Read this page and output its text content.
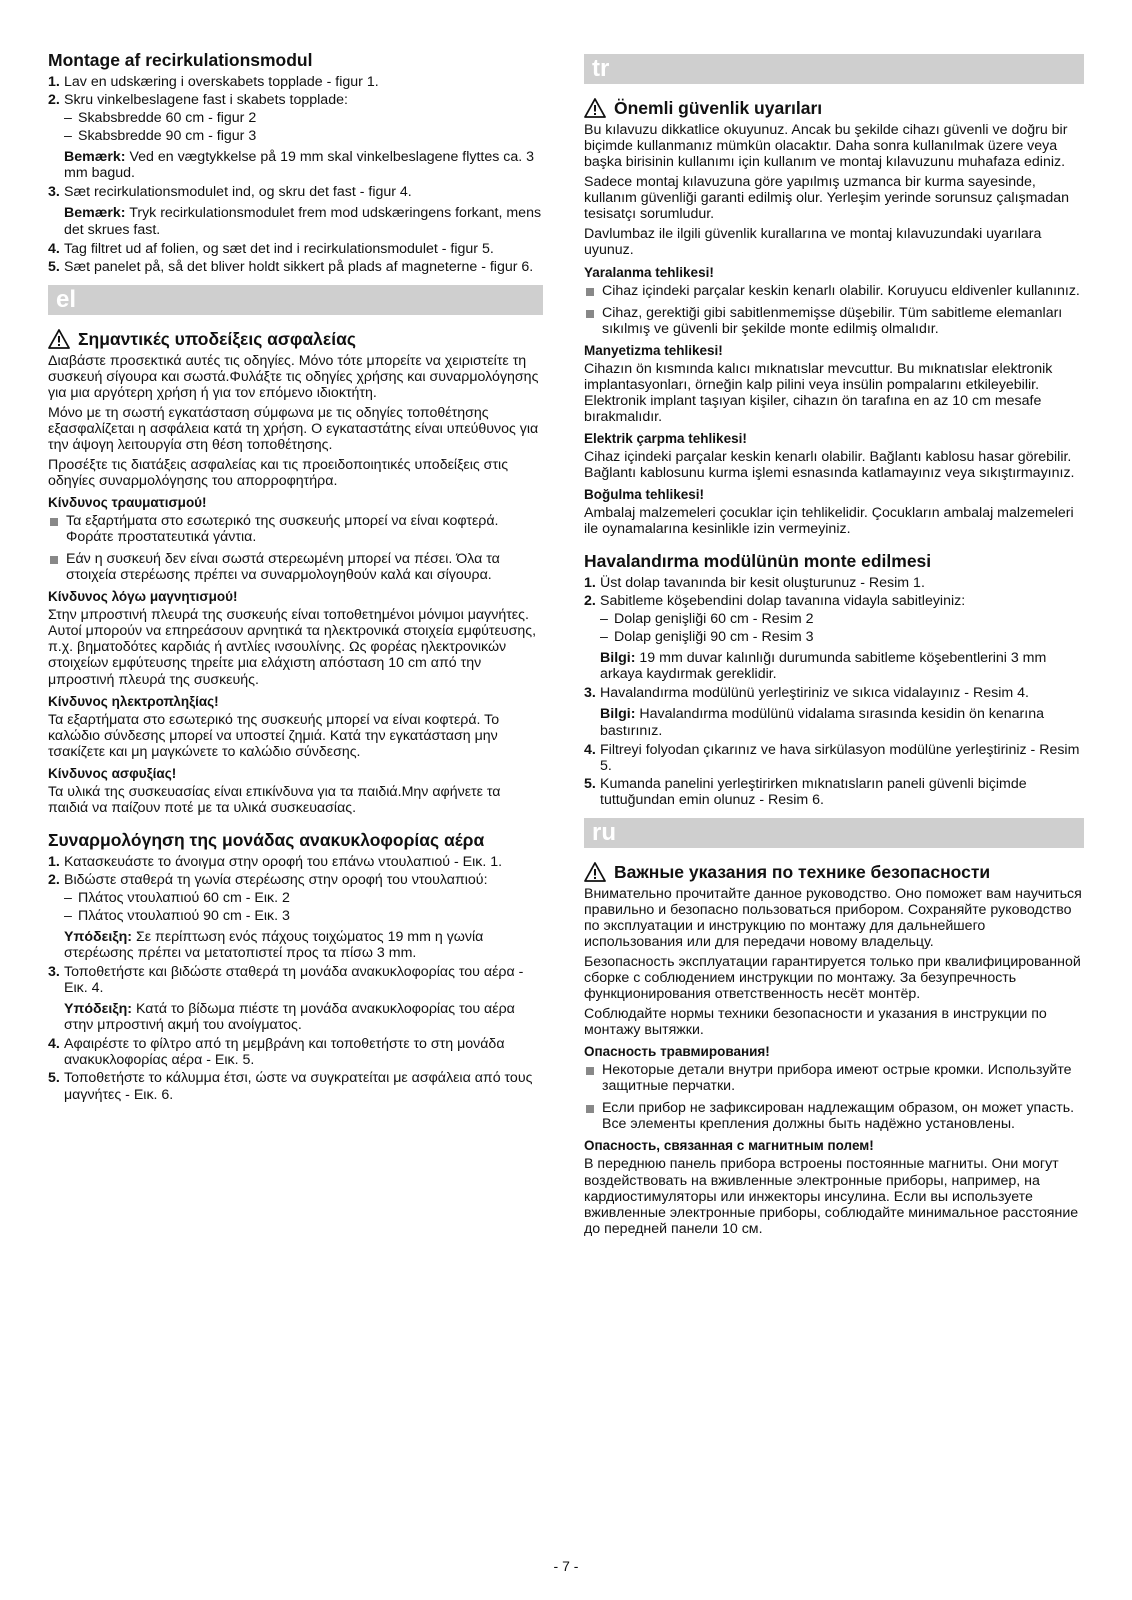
Montage af recirkulationsmodul
1. Lav en udskæring i overskabets topplade - figur 1.
2. Skru vinkelbeslagene fast i skabets topplade:
– Skabsbredde 60 cm - figur 2
– Skabsbredde 90 cm - figur 3
Bemærk: Ved en vægtykkelse på 19 mm skal vinkelbeslagene flyttes ca. 3 mm bagud.
3. Sæt recirkulationsmodulet ind, og skru det fast - figur 4.
Bemærk: Tryk recirkulationsmodulet frem mod udskæringens forkant, mens det skrues fast.
4. Tag filtret ud af folien, og sæt det ind i recirkulationsmodulet - figur 5.
5. Sæt panelet på, så det bliver holdt sikkert på plads af magneterne - figur 6.
el
Σημαντικές υποδείξεις ασφαλείας

Διαβάστε προσεκτικά αυτές τις οδηγίες. Μόνο τότε μπορείτε να χειριστείτε τη συσκευή σίγουρα και σωστά.Φυλάξτε τις οδηγίες χρήσης και συναρμολόγησης για μια αργότερη χρήση ή για τον επόμενο ιδιοκτήτη.

Μόνο με τη σωστή εγκατάσταση σύμφωνα με τις οδηγίες τοποθέτησης εξασφαλίζεται η ασφάλεια κατά τη χρήση. Ο εγκαταστάτης είναι υπεύθυνος για την άψογη λειτουργία στη θέση τοποθέτησης.

Προσέξτε τις διατάξεις ασφαλείας και τις προειδοποιητικές υποδείξεις στις οδηγίες συναρμολόγησης του απορροφητήρα.

Κίνδυνος τραυματισμού!
Τα εξαρτήματα στο εσωτερικό της συσκευής μπορεί να είναι κοφτερά. Φοράτε προστατευτικά γάντια.
Εάν η συσκευή δεν είναι σωστά στερεωμένη μπορεί να πέσει. Όλα τα στοιχεία στερέωσης πρέπει να συναρμολογηθούν καλά και σίγουρα.
Κίνδυνος λόγω μαγνητισμού!

Στην μπροστινή πλευρά της συσκευής είναι τοποθετημένοι μόνιμοι μαγνήτες. Αυτοί μπορούν να επηρεάσουν αρνητικά τα ηλεκτρονικά στοιχεία εμφύτευσης, π.χ. βηματοδότες καρδιάς ή αντλίες ινσουλίνης. Ως φορέας ηλεκτρονικών στοιχείων εμφύτευσης τηρείτε μια ελάχιστη απόσταση 10 cm από την μπροστινή πλευρά της συσκευής.

Κίνδυνος ηλεκτροπληξίας!

Τα εξαρτήματα στο εσωτερικό της συσκευής μπορεί να είναι κοφτερά. Το καλώδιο σύνδεσης μπορεί να υποστεί ζημιά. Κατά την εγκατάσταση μην τσακίζετε και μη μαγκώνετε το καλώδιο σύνδεσης.

Κίνδυνος ασφυξίας!

Τα υλικά της συσκευασίας είναι επικίνδυνα για τα παιδιά.Μην αφήνετε τα παιδιά να παίζουν ποτέ με τα υλικά συσκευασίας.

Συναρμολόγηση της μονάδας ανακυκλοφορίας αέρα
1. Κατασκευάστε το άνοιγμα στην οροφή του επάνω ντουλαπιού - Εικ. 1.
2. Βιδώστε σταθερά τη γωνία στερέωσης στην οροφή του ντουλαπιού:
– Πλάτος ντουλαπιού 60 cm - Εικ. 2
– Πλάτος ντουλαπιού 90 cm - Εικ. 3
Υπόδειξη: Σε περίπτωση ενός πάχους τοιχώματος 19 mm η γωνία στερέωσης πρέπει να μετατοπιστεί προς τα πίσω 3 mm.
3. Τοποθετήστε και βιδώστε σταθερά τη μονάδα ανακυκλοφορίας του αέρα - Εικ. 4.
Υπόδειξη: Κατά το βίδωμα πιέστε τη μονάδα ανακυκλοφορίας του αέρα στην μπροστινή ακμή του ανοίγματος.
4. Αφαιρέστε το φίλτρο από τη μεμβράνη και τοποθετήστε το στη μονάδα ανακυκλοφορίας αέρα - Εικ. 5.
5. Τοποθετήστε το κάλυμμα έτσι, ώστε να συγκρατείται με ασφάλεια από τους μαγνήτες - Εικ. 6.
tr
Önemli güvenlik uyarıları

Bu kılavuzu dikkatlice okuyunuz. Ancak bu şekilde cihazı güvenli ve doğru bir biçimde kullanmanız mümkün olacaktır. Daha sonra kullanılmak üzere veya başka birisinin kullanımı için kullanım ve montaj kılavuzunu muhafaza ediniz.

Sadece montaj kılavuzuna göre yapılmış uzmanca bir kurma sayesinde, kullanım güvenliği garanti edilmiş olur. Yerleşim yerinde sorunsuz çalışmadan tesisatçı sorumludur.

Davlumbaz ile ilgili güvenlik kurallarına ve montaj kılavuzundaki uyarılara uyunuz.

Yaralanma tehlikesi!
Cihaz içindeki parçalar keskin kenarlı olabilir. Koruyucu eldivenler kullanınız.
Cihaz, gerektiği gibi sabitlenmemişse düşebilir. Tüm sabitleme elemanları sıkılmış ve güvenli bir şekilde monte edilmiş olmalıdır.
Manyetizma tehlikesi!

Cihazın ön kısmında kalıcı mıknatıslar mevcuttur. Bu mıknatıslar elektronik implantasyonları, örneğin kalp pilini veya insülin pompalarını etkileyebilir. Elektronik implant taşıyan kişiler, cihazın ön tarafına en az 10 cm mesafe bırakmalıdır.

Elektrik çarpma tehlikesi!

Cihaz içindeki parçalar keskin kenarlı olabilir. Bağlantı kablosu hasar görebilir. Bağlantı kablosunu kurma işlemi esnasında katlamayınız veya sıkıştırmayınız.

Boğulma tehlikesi!

Ambalaj malzemeleri çocuklar için tehlikelidir. Çocukların ambalaj malzemeleri ile oynamalarına kesinlikle izin vermeyiniz.

Havalandırma modülünün monte edilmesi
1. Üst dolap tavanında bir kesit oluşturunuz - Resim 1.
2. Sabitleme köşebendini dolap tavanına vidayla sabitleyiniz:
– Dolap genişliği 60 cm - Resim 2
– Dolap genişliği 90 cm - Resim 3
Bilgi: 19 mm duvar kalınlığı durumunda sabitleme köşebentlerini 3 mm arkaya kaydırmak gereklidir.
3. Havalandırma modülünü yerleştiriniz ve sıkıca vidalayınız - Resim 4.
Bilgi: Havalandırma modülünü vidalama sırasında kesidin ön kenarına bastırınız.
4. Filtreyi folyodan çıkarınız ve hava sirkülasyon modülüne yerleştiriniz - Resim 5.
5. Kumanda panelini yerleştirirken mıknatısların paneli güvenli biçimde tuttuğundan emin olunuz - Resim 6.
ru
Важные указания по технике безопасности

Внимательно прочитайте данное руководство. Оно поможет вам научиться правильно и безопасно пользоваться прибором. Сохраняйте руководство по эксплуатации и инструкцию по монтажу для дальнейшего использования или для передачи новому владельцу.

Безопасность эксплуатации гарантируется только при квалифицированной сборке с соблюдением инструкции по монтажу. За безупречность функционирования ответственность несёт монтёр.

Соблюдайте нормы техники безопасности и указания в инструкции по монтажу вытяжки.

Опасность травмирования!
Некоторые детали внутри прибора имеют острые кромки. Используйте защитные перчатки.
Если прибор не зафиксирован надлежащим образом, он может упасть. Все элементы крепления должны быть надёжно установлены.
Опасность, связанная с магнитным полем!

В переднюю панель прибора встроены постоянные магниты. Они могут воздействовать на вживленные электронные приборы, например, на кардиостимуляторы или инжекторы инсулина. Если вы используете вживленные электронные приборы, соблюдайте минимальное расстояние до передней панели 10 см.

- 7 -
